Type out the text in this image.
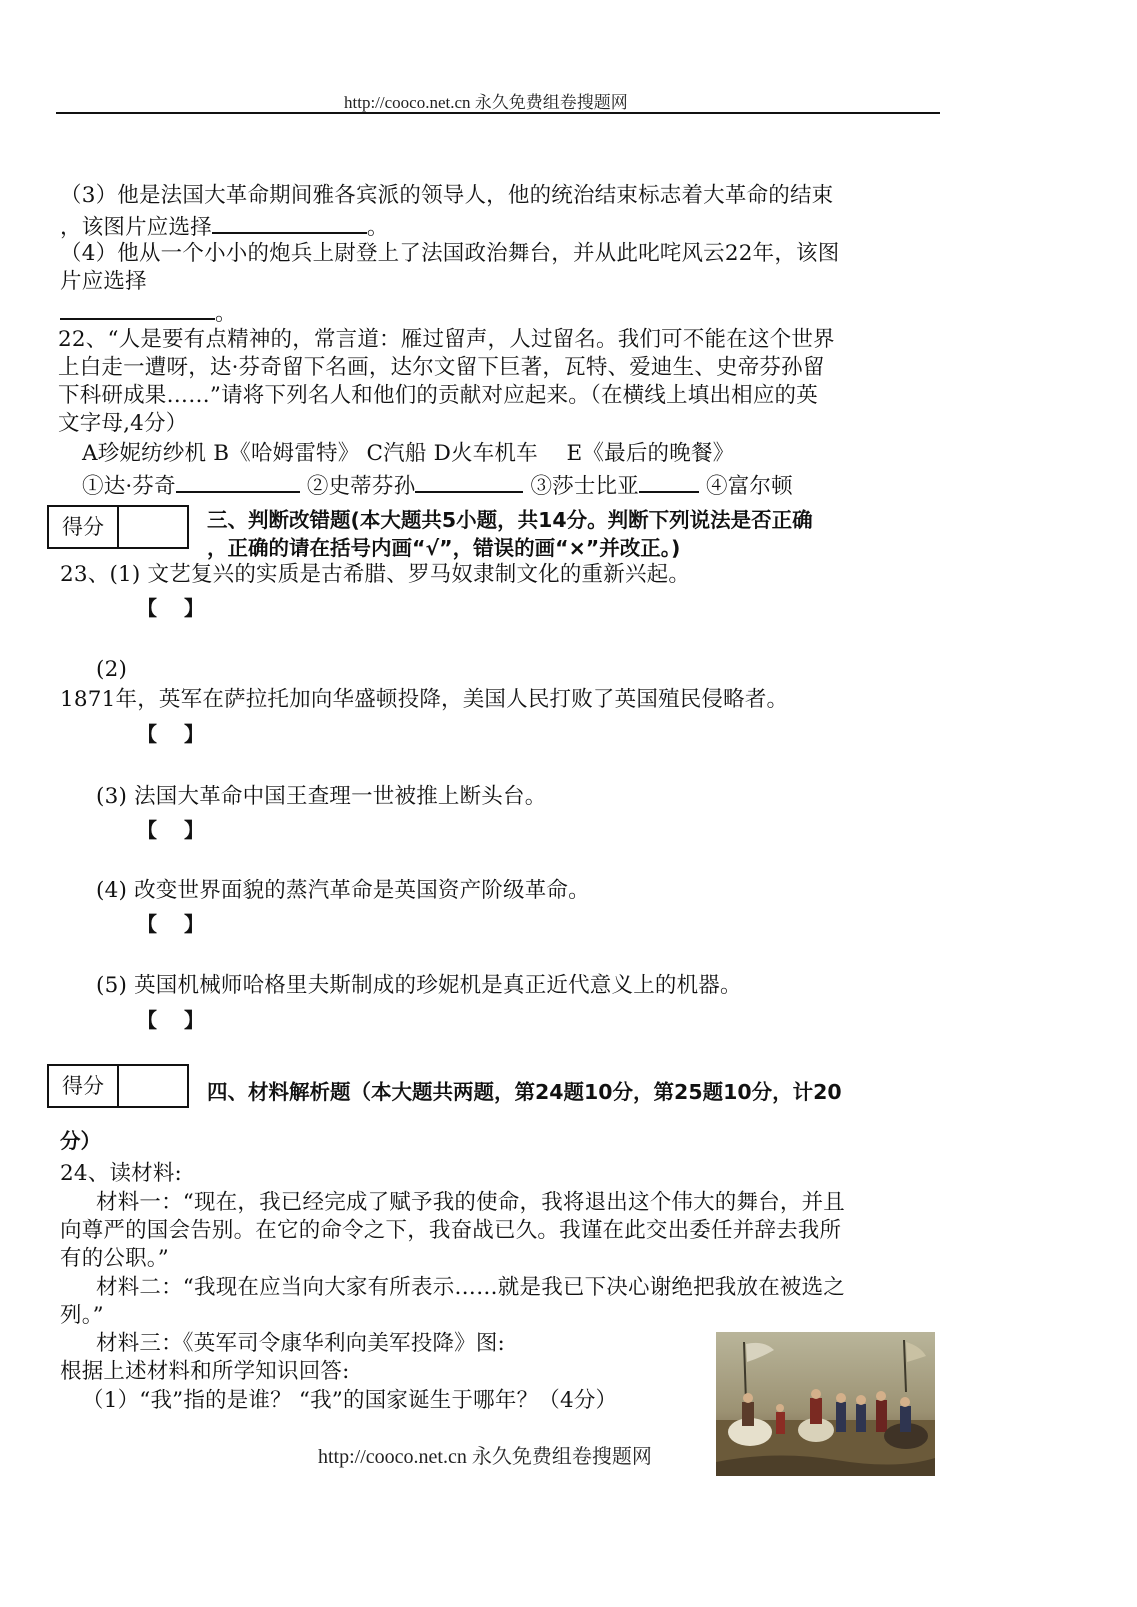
http://cooco.net.cn 永久免费组卷搜题网
（3）他是法国大革命期间雅各宾派的领导人，他的统治结束标志着大革命的结束
，该图片应选择	。
（4）他从一个小小的炮兵上尉登上了法国政治舞台，并从此叱咤风云22年，该图
片应选择
。
22、“人是要有点精神的，常言道：雁过留声，人过留名。我们可不能在这个世界
上白走一遭呀，达·芬奇留下名画，达尔文留下巨著，瓦特、爱迪生、史帝芬孙留
下科研成果……”请将下列名人和他们的贡献对应起来。（在横线上填出相应的英
文字母,4分）
A珍妮纺纱机 B《哈姆雷特》 C汽船 D火车机车　 E《最后的晚餐》
①达·芬奇	②史蒂芬孙	③莎士比亚	④富尔顿
得分	三、判断改错题(本大题共5小题，共14分。判断下列说法是否正确
，正确的请在括号内画“√”，错误的画“×”并改正。)
23、(1) 文艺复兴的实质是古希腊、罗马奴隶制文化的重新兴起。
【　 】
(2)
1871年，英军在萨拉托加向华盛顿投降，美国人民打败了英国殖民侵略者。
【　 】
(3) 法国大革命中国王查理一世被推上断头台。
【　 】
(4) 改变世界面貌的蒸汽革命是英国资产阶级革命。
【　 】
(5) 英国机械师哈格里夫斯制成的珍妮机是真正近代意义上的机器。
【　 】
得分	四、材料解析题（本大题共两题，第24题10分，第25题10分，计20
分）
24、读材料:
材料一：“现在，我已经完成了赋予我的使命，我将退出这个伟大的舞台，并且
向尊严的国会告别。在它的命令之下，我奋战已久。我谨在此交出委任并辞去我所
有的公职。”
材料二：“我现在应当向大家有所表示……就是我已下决心谢绝把我放在被选之
列。”
材料三：《英军司令康华利向美军投降》图:
根据上述材料和所学知识回答:
（1）“我”指的是谁？ “我”的国家诞生于哪年？（4分）
http://cooco.net.cn 永久免费组卷搜题网
